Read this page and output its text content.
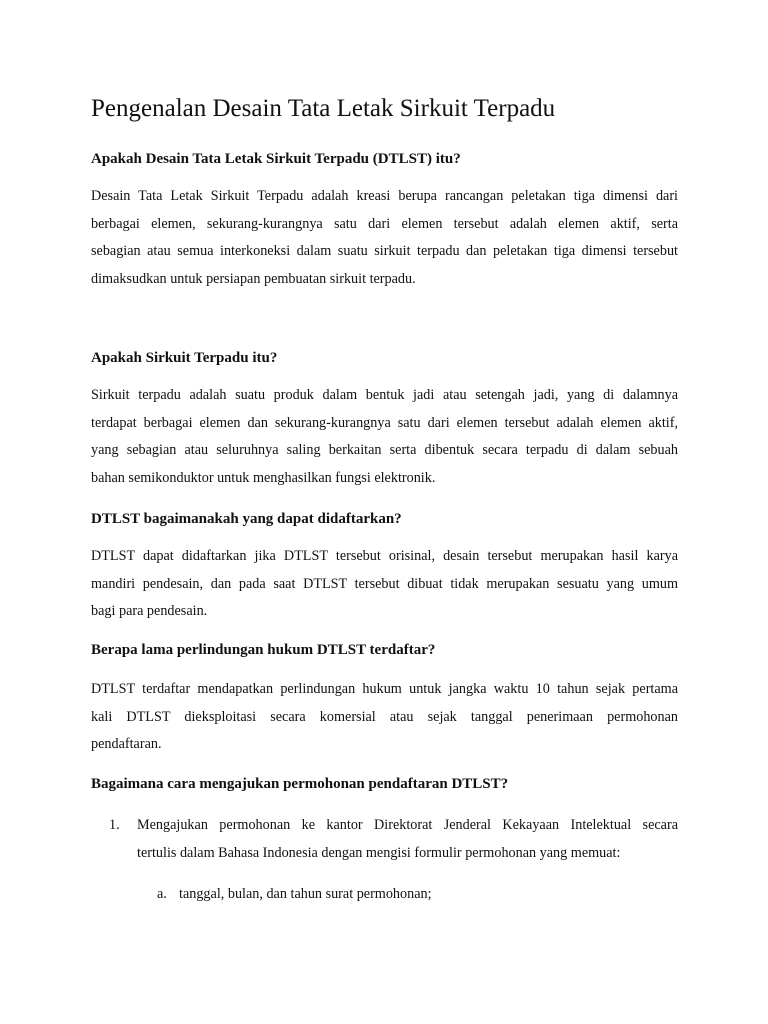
Pengenalan Desain Tata Letak Sirkuit Terpadu
Apakah Desain Tata Letak Sirkuit Terpadu (DTLST) itu?
Desain Tata Letak Sirkuit Terpadu adalah kreasi berupa rancangan peletakan tiga dimensi dari
berbagai elemen, sekurang-kurangnya satu dari elemen tersebut adalah elemen aktif, serta
sebagian atau semua interkoneksi dalam suatu sirkuit terpadu dan peletakan tiga dimensi tersebut
dimaksudkan untuk persiapan pembuatan sirkuit terpadu.
Apakah Sirkuit Terpadu itu?
Sirkuit terpadu adalah suatu produk dalam bentuk jadi atau setengah jadi, yang di dalamnya
terdapat berbagai elemen dan sekurang-kurangnya satu dari elemen tersebut adalah elemen aktif,
yang sebagian atau seluruhnya saling berkaitan serta dibentuk secara terpadu di dalam sebuah
bahan semikonduktor untuk menghasilkan fungsi elektronik.
DTLST bagaimanakah yang dapat didaftarkan?
DTLST dapat didaftarkan jika DTLST tersebut orisinal, desain tersebut merupakan hasil karya
mandiri pendesain, dan pada saat DTLST tersebut dibuat tidak merupakan sesuatu yang umum
bagi para pendesain.
Berapa lama perlindungan hukum DTLST terdaftar?
DTLST terdaftar mendapatkan perlindungan hukum untuk jangka waktu 10 tahun sejak pertama
kali DTLST dieksploitasi secara komersial atau sejak tanggal penerimaan permohonan
pendaftaran.
Bagaimana cara mengajukan permohonan pendaftaran DTLST?
1. Mengajukan permohonan ke kantor Direktorat Jenderal Kekayaan Intelektual secara
tertulis dalam Bahasa Indonesia dengan mengisi formulir permohonan yang memuat:
a. tanggal, bulan, dan tahun surat permohonan;
